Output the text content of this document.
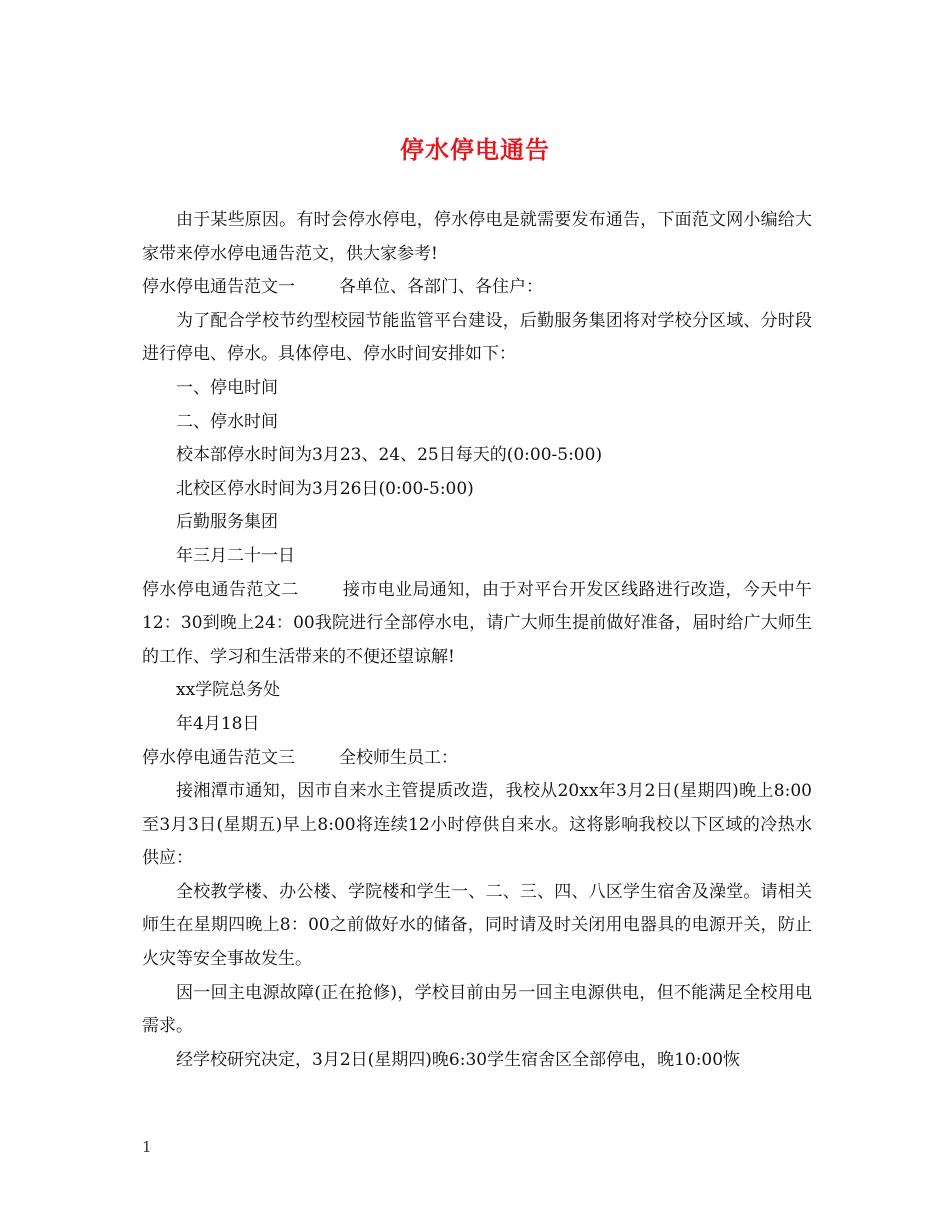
停水停电通告

由于某些原因。有时会停水停电，停水停电是就需要发布通告，下面范文网小编给大家带来停水停电通告范文，供大家参考!

停水停电通告范文一	各单位、各部门、各住户：

为了配合学校节约型校园节能监管平台建设，后勤服务集团将对学校分区域、分时段进行停电、停水。具体停电、停水时间安排如下：

一、停电时间

二、停水时间

校本部停水时间为3月23、24、25日每天的(0:00-5:00)

北校区停水时间为3月26日(0:00-5:00)

后勤服务集团

年三月二十一日

停水停电通告范文二	接市电业局通知，由于对平台开发区线路进行改造，今天中午12：30到晚上24：00我院进行全部停水电，请广大师生提前做好准备，届时给广大师生的工作、学习和生活带来的不便还望谅解!

xx学院总务处

年4月18日

停水停电通告范文三	全校师生员工：

接湘潭市通知，因市自来水主管提质改造，我校从20xx年3月2日(星期四)晚上8:00至3月3日(星期五)早上8:00将连续12小时停供自来水。这将影响我校以下区域的冷热水供应：

全校教学楼、办公楼、学院楼和学生一、二、三、四、八区学生宿舍及澡堂。请相关师生在星期四晚上8：00之前做好水的储备，同时请及时关闭用电器具的电源开关，防止火灾等安全事故发生。

因一回主电源故障(正在抢修)，学校目前由另一回主电源供电，但不能满足全校用电需求。

经学校研究决定，3月2日(星期四)晚6:30学生宿舍区全部停电，晚10:00恢

1
